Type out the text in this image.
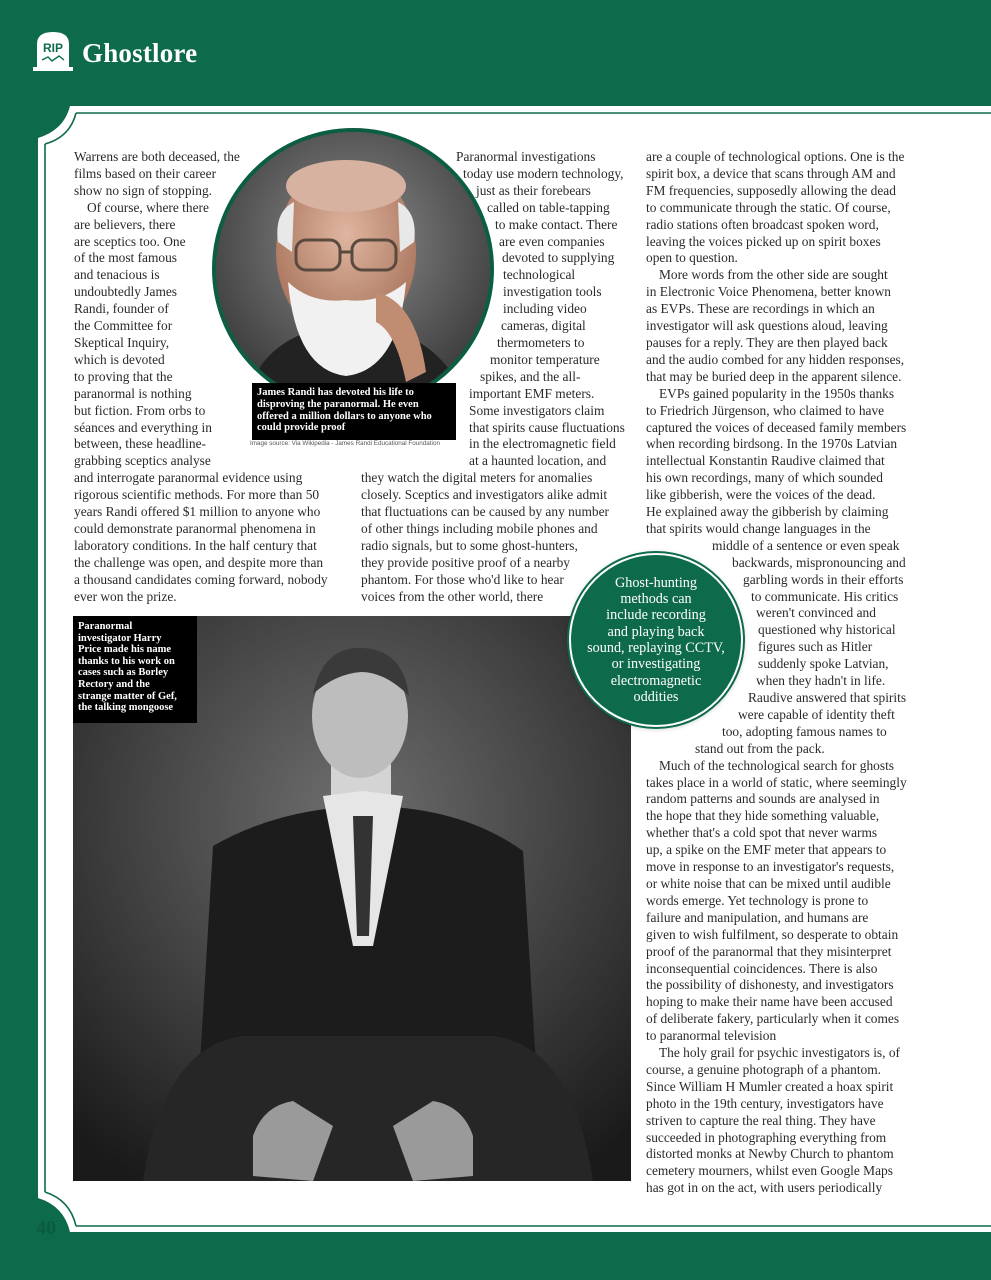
RIP Ghostlore
Warrens are both deceased, the
films based on their career
show no sign of stopping.
Of course, where there
are believers, there
are sceptics too. One
of the most famous
and tenacious is
undoubtedly James
Randi, founder of
the Committee for
Skeptical Inquiry,
which is devoted
to proving that the
paranormal is nothing
but fiction. From orbs to
séances and everything in
between, these headline-
grabbing sceptics analyse
and interrogate paranormal evidence using
rigorous scientific methods. For more than 50
years Randi offered $1 million to anyone who
could demonstrate paranormal phenomena in
laboratory conditions. In the half century that
the challenge was open, and despite more than
a thousand candidates coming forward, nobody
ever won the prize.
Paranormal investigations
today use modern technology,
just as their forebears
called on table-tapping
to make contact. There
are even companies
devoted to supplying
technological
investigation tools
including video
cameras, digital
thermometers to
monitor temperature
spikes, and the all-
important EMF meters.
Some investigators claim
that spirits cause fluctuations
in the electromagnetic field
at a haunted location, and
they watch the digital meters for anomalies
closely. Sceptics and investigators alike admit
that fluctuations can be caused by any number
of other things including mobile phones and
radio signals, but to some ghost-hunters,
they provide positive proof of a nearby
phantom. For those who'd like to hear
voices from the other world, there
are a couple of technological options. One is the
spirit box, a device that scans through AM and
FM frequencies, supposedly allowing the dead
to communicate through the static. Of course,
radio stations often broadcast spoken word,
leaving the voices picked up on spirit boxes
open to question.
More words from the other side are sought
in Electronic Voice Phenomena, better known
as EVPs. These are recordings in which an
investigator will ask questions aloud, leaving
pauses for a reply. They are then played back
and the audio combed for any hidden responses,
that may be buried deep in the apparent silence.
EVPs gained popularity in the 1950s thanks
to Friedrich Jürgenson, who claimed to have
captured the voices of deceased family members
when recording birdsong. In the 1970s Latvian
intellectual Konstantin Raudive claimed that
his own recordings, many of which sounded
like gibberish, were the voices of the dead.
He explained away the gibberish by claiming
that spirits would change languages in the
middle of a sentence or even speak
backwards, mispronouncing and
garbling words in their efforts
to communicate. His critics
weren't convinced and
questioned why historical
figures such as Hitler
suddenly spoke Latvian,
when they hadn't in life.
Raudive answered that spirits
were capable of identity theft
too, adopting famous names to
stand out from the pack.
Much of the technological search for ghosts
takes place in a world of static, where seemingly
random patterns and sounds are analysed in
the hope that they hide something valuable,
whether that's a cold spot that never warms
up, a spike on the EMF meter that appears to
move in response to an investigator's requests,
or white noise that can be mixed until audible
words emerge. Yet technology is prone to
failure and manipulation, and humans are
given to wish fulfilment, so desperate to obtain
proof of the paranormal that they misinterpret
inconsequential coincidences. There is also
the possibility of dishonesty, and investigators
hoping to make their name have been accused
of deliberate fakery, particularly when it comes
to paranormal television
The holy grail for psychic investigators is, of
course, a genuine photograph of a phantom.
Since William H Mumler created a hoax spirit
photo in the 19th century, investigators have
striven to capture the real thing. They have
succeeded in photographing everything from
distorted monks at Newby Church to phantom
cemetery mourners, whilst even Google Maps
has got in on the act, with users periodically
James Randi has devoted his life to
disproving the paranormal. He even
offered a million dollars to anyone who
could provide proof
Image source: Via Wikipedia - James Randi Educational Foundation
Paranormal
investigator Harry
Price made his name
thanks to his work on
cases such as Borley
Rectory and the
strange matter of Gef,
the talking mongoose
Ghost-hunting
methods can
include recording
and playing back
sound, replaying CCTV,
or investigating
electromagnetic
oddities
40
